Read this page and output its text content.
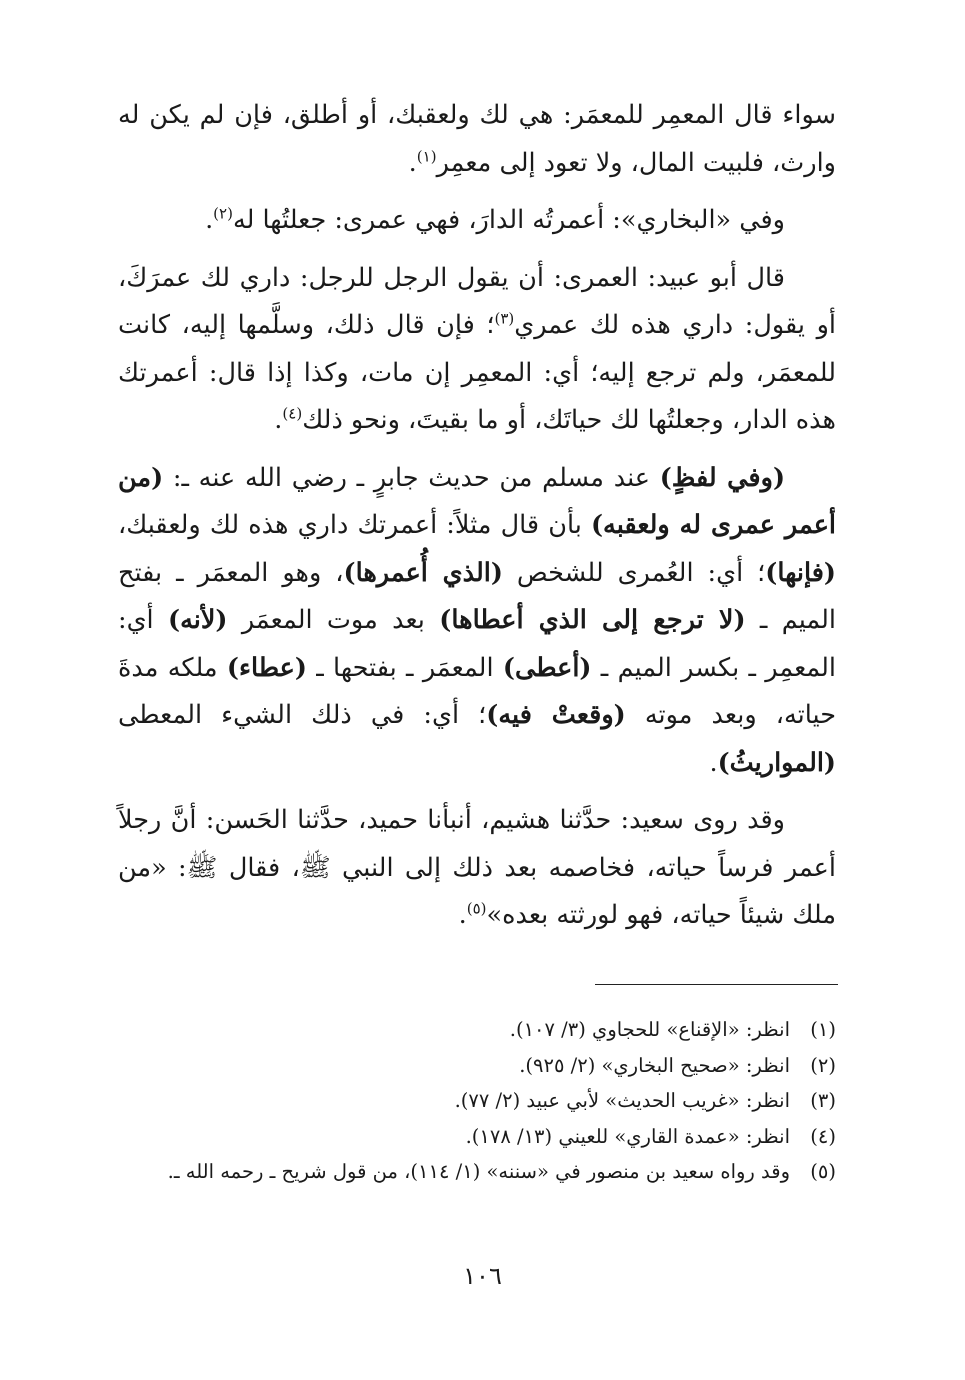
سواء قال المعمِر للمعمَر: هي لك ولعقبك، أو أطلق، فإن لم يكن له وارث، فلبيت المال، ولا تعود إلى معمِر$^{(١)}$.

  وفي «البخاري»: أعمرتُه الدارَ، فهي عمرى: جعلتُها له$^{(٢)}$.

  قال أبو عبيد: العمرى: أن يقول الرجل للرجل: داري لك عمرَكَ، أو يقول: داري هذه لك عمري$^{(٣)}$؛ فإن قال ذلك، وسلَّمها إليه، كانت للمعمَر، ولم ترجع إليه؛ أي: المعمِر إن مات، وكذا إذا قال: أعمرتك هذه الدار، وجعلتُها لك حياتَك، أو ما بقيتَ، ونحو ذلك$^{(٤)}$.

  (وفي لفظٍ) عند مسلم من حديث جابرٍ ـ رضي الله عنه ـ: (من أعمر عمرى له ولعقبه) بأن قال مثلاً: أعمرتك داري هذه لك ولعقبك، (فإنها)؛ أي: العُمرى للشخص (الذي أُعمرها)، وهو المعمَر ـ بفتح الميم ـ (لا ترجع إلى الذي أعطاها) بعد موت المعمَر (لأنه) أي: المعمِر ـ بكسر الميم ـ (أعطى) المعمَر ـ بفتحها ـ (عطاء) ملكه مدةَ حياته، وبعد موته (وقعتْ فيه)؛ أي: في ذلك الشيء المعطى (المواريثُ).

  وقد روى سعيد: حدَّثنا هشيم، أنبأنا حميد، حدَّثنا الحَسن: أنَّ رجلاً أعمر فرساً حياته، فخاصمه بعد ذلك إلى النبي ﷺ، فقال ﷺ: «من ملك شيئاً حياته، فهو لورثته بعده»$^{(٥)}$.

(١)
انظر: «الإقناع» للحجاوي (٣/ ١٠٧).
(٢)
انظر: «صحيح البخاري» (٢/ ٩٢٥).
(٣)
انظر: «غريب الحديث» لأبي عبيد (٢/ ٧٧).
(٤)
انظر: «عمدة القاري» للعيني (١٣/ ١٧٨).
(٥)
وقد رواه سعيد بن منصور في «سننه» (١/ ١١٤)، من قول شريح ـ رحمه الله ـ.
١٠٦
